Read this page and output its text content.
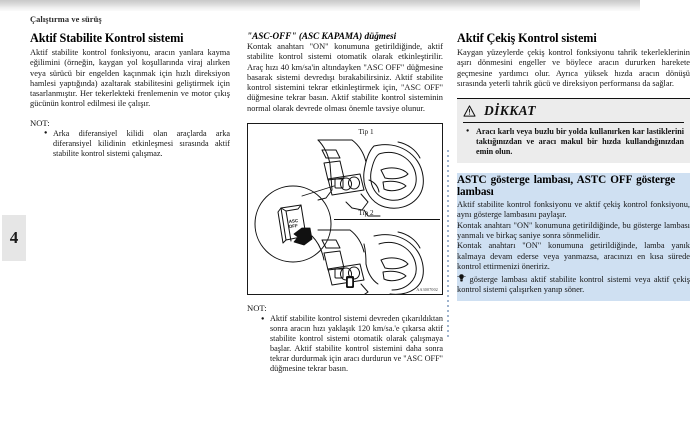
4
Çalıştırma ve sürüş
Aktif Stabilite Kontrol sistemi

Aktif stabilite kontrol fonksiyonu, aracın yanlara kayma eğilimini (örneğin, kaygan yol koşullarında viraj alırken veya sürücü bir engelden kaçınmak için hızlı direksiyon hamlesi yaptığında) azaltarak stabilitesini geliştirmek için tasarlanmıştır. Her tekerlekteki frenlemenin ve motor çıkış gücünün kontrol edilmesi ile çalışır.

NOT:
● Arka diferansiyel kilidi olan araçlarda arka diferansiyel kilidinin etkinleşmesi sırasında aktif stabilite kontrol sistemi çalışmaz.
"ASC-OFF" (ASC KAPAMA) düğmesi

Kontak anahtarı "ON" konumuna getirildiğinde, aktif stabilite kontrol sistemi otomatik olarak etkinleştirilir. Araç hızı 40 km/sa'in altındayken "ASC OFF" düğmesine basarak sistemi devredışı bırakabilirsiniz. Aktif stabilite kontrol sistemini tekrar etkinleştirmek için, "ASC OFF" düğmesine tekrar basın. Aktif stabilite kontrol sisteminin normal olarak devrede olması önemle tavsiye olunur.

Tip 1
Tip 2
ASC
OFF
AA3007002
NOT:
● Aktif stabilite kontrol sistemi devreden çıkarıldıktan sonra aracın hızı yaklaşık 120 km/sa.'e çıkarsa aktif stabilite kontrol sistemi otomatik olarak çalışmaya başlar. Aktif stabilite kontrol sistemini daha sonra tekrar durdurmak için aracı durdurun ve "ASC OFF" düğmesine tekrar basın.
Aktif Çekiş Kontrol sistemi

Kaygan yüzeylerde çekiş kontrol fonksiyonu tahrik tekerleklerinin aşırı dönmesini engeller ve böylece aracın dururken harekete geçmesine yardımcı olur. Ayrıca yüksek hızda aracın dönüşü sırasında yeterli tahrik gücü ve direksiyon performansı da sağlar.

DİKKAT
● Aracı karlı veya buzlu bir yolda kullanırken kar lastiklerini taktığınızdan ve aracı makul bir hızda kullandığınızdan emin olun.
ASTC gösterge lambası, ASTC OFF gösterge lambası

Aktif stabilite kontrol fonksiyonu ve aktif çekiş kontrol fonksiyonu, aynı gösterge lambasını paylaşır.

Kontak anahtarı "ON" konumuna getirildiğinde, bu gösterge lambası yanmalı ve birkaç saniye sonra sönmelidir.

Kontak anahtarı "ON" konumuna getirildiğinde, lamba yanık kalmaya devam ederse veya yanmazsa, aracınızı en kısa sürede kontrol ettirmenizi öneririz.

gösterge lambası aktif stabilite kontrol sistemi veya aktif çekiş kontrol sistemi çalışırken yanıp söner.
